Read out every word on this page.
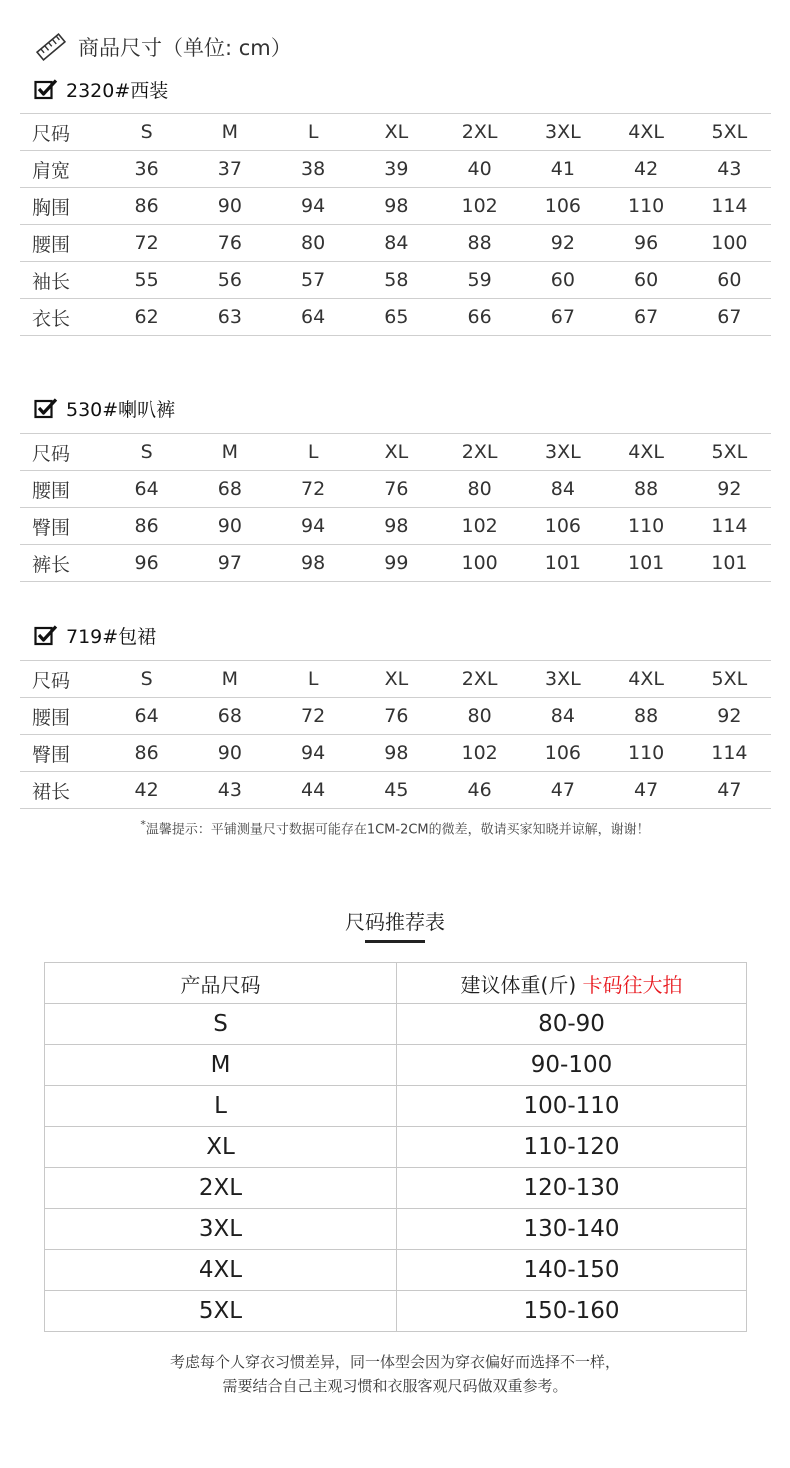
商品尺寸（单位: cm）
2320#西装
尺码	S	M	L	XL	2XL	3XL	4XL	5XL
肩宽	36	37	38	39	40	41	42	43
胸围	86	90	94	98	102	106	110	114
腰围	72	76	80	84	88	92	96	100
袖长	55	56	57	58	59	60	60	60
衣长	62	63	64	65	66	67	67	67
530#喇叭裤
尺码	S	M	L	XL	2XL	3XL	4XL	5XL
腰围	64	68	72	76	80	84	88	92
臀围	86	90	94	98	102	106	110	114
裤长	96	97	98	99	100	101	101	101
719#包裙
尺码	S	M	L	XL	2XL	3XL	4XL	5XL
腰围	64	68	72	76	80	84	88	92
臀围	86	90	94	98	102	106	110	114
裙长	42	43	44	45	46	47	47	47
*温馨提示：平铺测量尺寸数据可能存在1CM-2CM的微差，敬请买家知晓并谅解，谢谢！
尺码推荐表
产品尺码	建议体重(斤) 卡码往大拍
S	80-90
M	90-100
L	100-110
XL	110-120
2XL	120-130
3XL	130-140
4XL	140-150
5XL	150-160
考虑每个人穿衣习惯差异，同一体型会因为穿衣偏好而选择不一样，
需要结合自己主观习惯和衣服客观尺码做双重参考。
